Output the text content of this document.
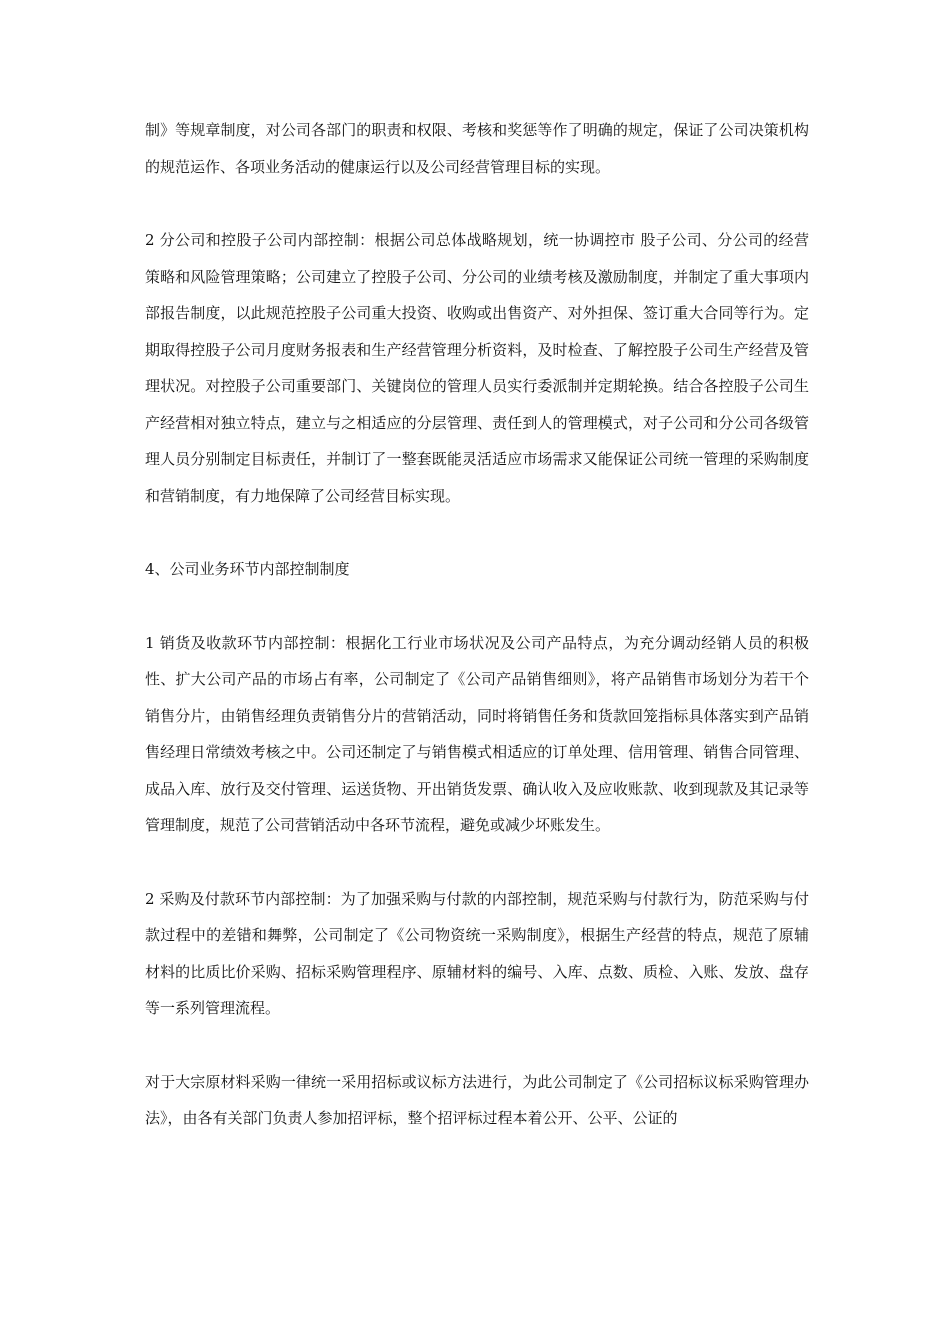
制》等规章制度，对公司各部门的职责和权限、考核和奖惩等作了明确的规定，保证了公司决策机构的规范运作、各项业务活动的健康运行以及公司经营管理目标的实现。

2 分公司和控股子公司内部控制：根据公司总体战略规划，统一协调控市 股子公司、分公司的经营策略和风险管理策略；公司建立了控股子公司、分公司的业绩考核及激励制度，并制定了重大事项内部报告制度，以此规范控股子公司重大投资、收购或出售资产、对外担保、签订重大合同等行为。定期取得控股子公司月度财务报表和生产经营管理分析资料，及时检查、了解控股子公司生产经营及管理状况。对控股子公司重要部门、关键岗位的管理人员实行委派制并定期轮换。结合各控股子公司生产经营相对独立特点，建立与之相适应的分层管理、责任到人的管理模式，对子公司和分公司各级管理人员分别制定目标责任，并制订了一整套既能灵活适应市场需求又能保证公司统一管理的采购制度和营销制度，有力地保障了公司经营目标实现。

4、公司业务环节内部控制制度

1 销货及收款环节内部控制：根据化工行业市场状况及公司产品特点，为充分调动经销人员的积极性、扩大公司产品的市场占有率，公司制定了《公司产品销售细则》，将产品销售市场划分为若干个销售分片，由销售经理负责销售分片的营销活动，同时将销售任务和货款回笼指标具体落实到产品销售经理日常绩效考核之中。公司还制定了与销售模式相适应的订单处理、信用管理、销售合同管理、成品入库、放行及交付管理、运送货物、开出销货发票、确认收入及应收账款、收到现款及其记录等管理制度，规范了公司营销活动中各环节流程，避免或减少坏账发生。

2 采购及付款环节内部控制：为了加强采购与付款的内部控制，规范采购与付款行为，防范采购与付款过程中的差错和舞弊，公司制定了《公司物资统一采购制度》，根据生产经营的特点，规范了原辅材料的比质比价采购、招标采购管理程序、原辅材料的编号、入库、点数、质检、入账、发放、盘存等一系列管理流程。

对于大宗原材料采购一律统一采用招标或议标方法进行，为此公司制定了《公司招标议标采购管理办法》，由各有关部门负责人参加招评标，整个招评标过程本着公开、公平、公证的
